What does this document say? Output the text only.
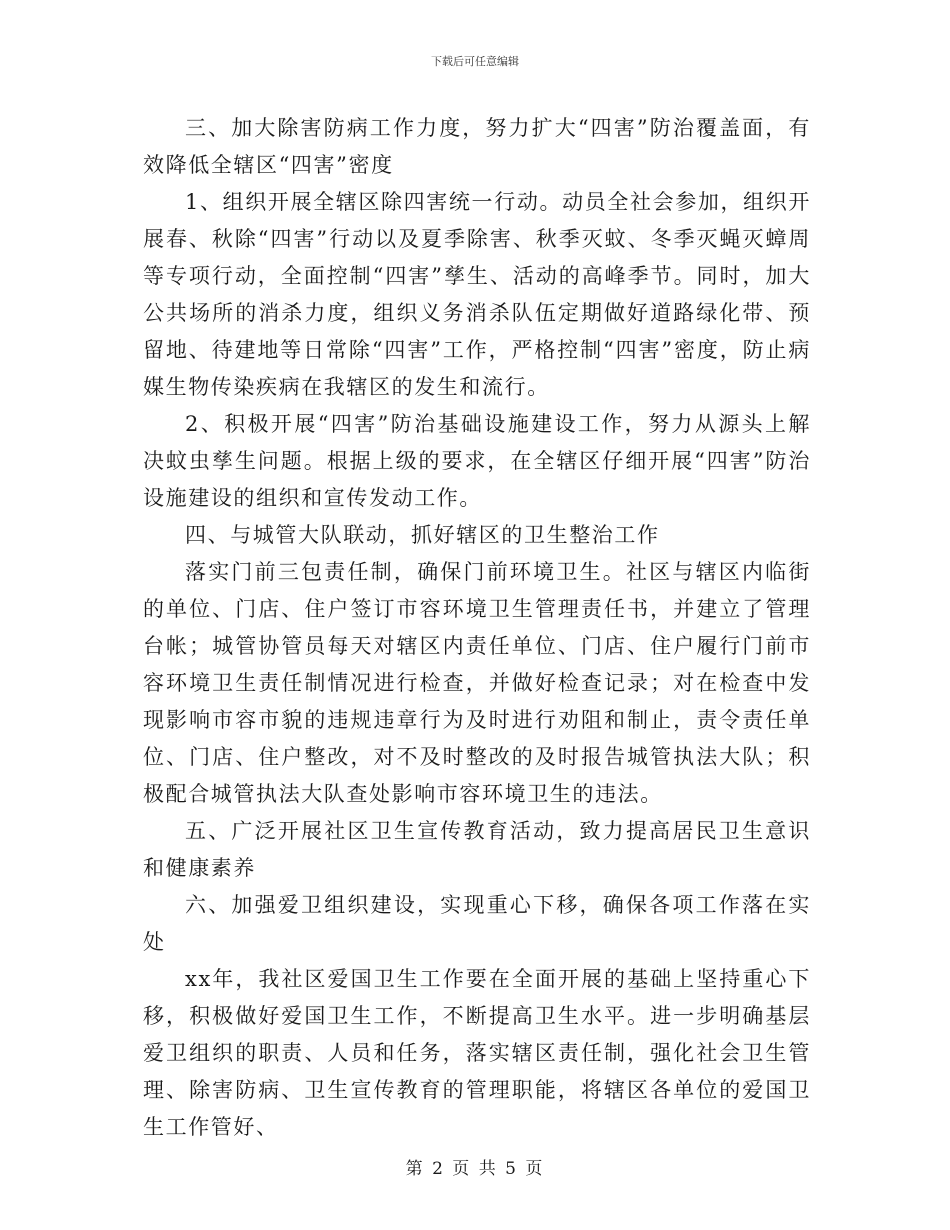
下载后可任意编辑

三、加大除害防病工作力度，努力扩大“四害”防治覆盖面，有效降低全辖区“四害”密度

1、组织开展全辖区除四害统一行动。动员全社会参加，组织开展春、秋除“四害”行动以及夏季除害、秋季灭蚊、冬季灭蝇灭蟑周等专项行动，全面控制“四害”孳生、活动的高峰季节。同时，加大公共场所的消杀力度，组织义务消杀队伍定期做好道路绿化带、预留地、待建地等日常除“四害”工作，严格控制“四害”密度，防止病媒生物传染疾病在我辖区的发生和流行。

2、积极开展“四害”防治基础设施建设工作，努力从源头上解决蚊虫孳生问题。根据上级的要求，在全辖区仔细开展“四害”防治设施建设的组织和宣传发动工作。

四、与城管大队联动，抓好辖区的卫生整治工作

落实门前三包责任制，确保门前环境卫生。社区与辖区内临街的单位、门店、住户签订市容环境卫生管理责任书，并建立了管理台帐；城管协管员每天对辖区内责任单位、门店、住户履行门前市容环境卫生责任制情况进行检查，并做好检查记录；对在检查中发现影响市容市貌的违规违章行为及时进行劝阻和制止，责令责任单位、门店、住户整改，对不及时整改的及时报告城管执法大队；积极配合城管执法大队查处影响市容环境卫生的违法。

五、广泛开展社区卫生宣传教育活动，致力提高居民卫生意识和健康素养

六、加强爱卫组织建设，实现重心下移，确保各项工作落在实处

xx年，我社区爱国卫生工作要在全面开展的基础上坚持重心下移，积极做好爱国卫生工作，不断提高卫生水平。进一步明确基层爱卫组织的职责、人员和任务，落实辖区责任制，强化社会卫生管理、除害防病、卫生宣传教育的管理职能，将辖区各单位的爱国卫生工作管好、

第 2 页 共 5 页
